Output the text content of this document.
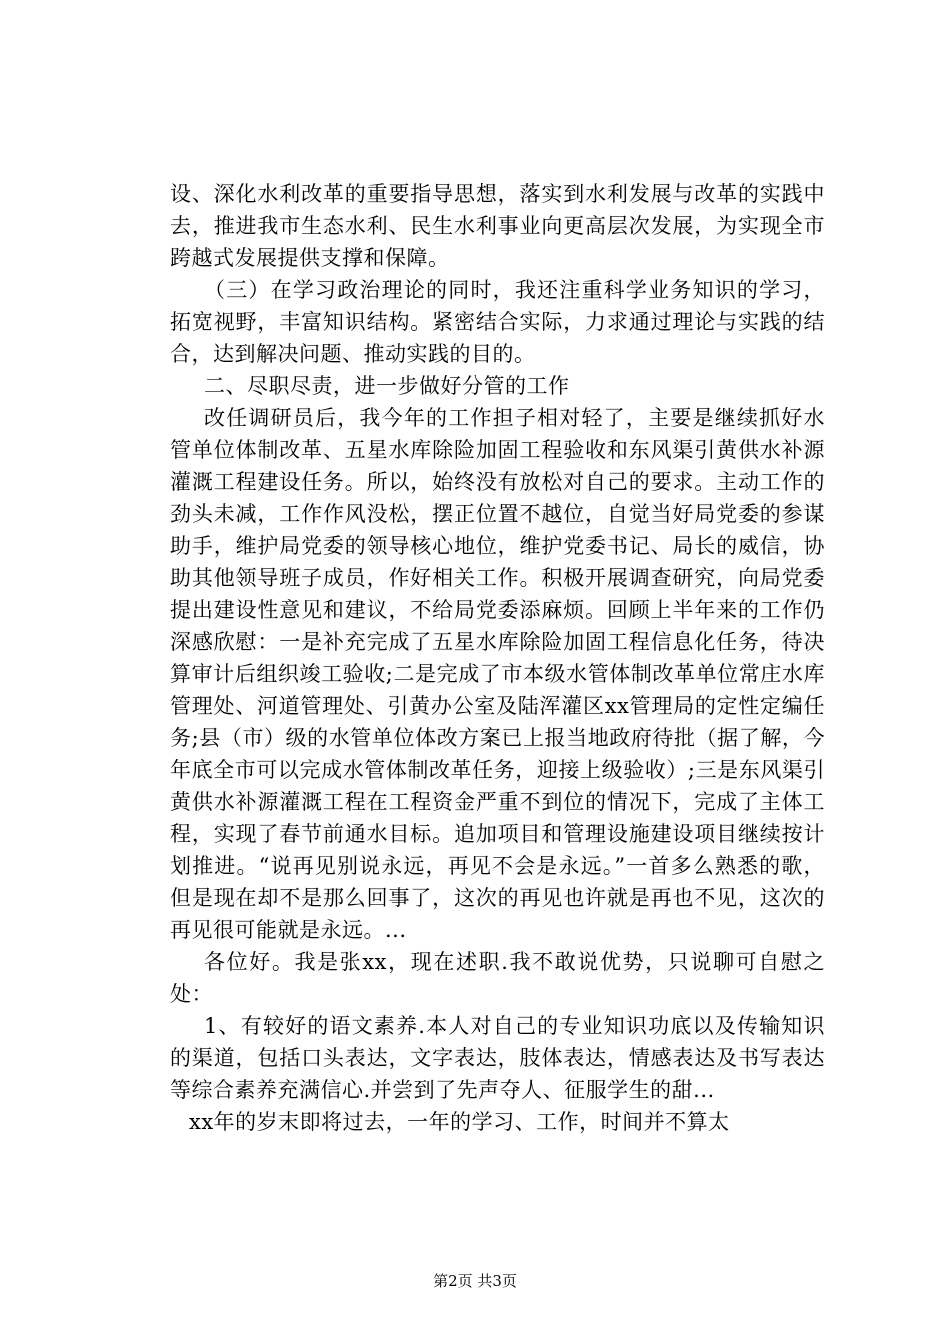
设、深化水利改革的重要指导思想，落实到水利发展与改革的实践中去，推进我市生态水利、民生水利事业向更高层次发展，为实现全市跨越式发展提供支撑和保障。

（三）在学习政治理论的同时，我还注重科学业务知识的学习，拓宽视野，丰富知识结构。紧密结合实际，力求通过理论与实践的结合，达到解决问题、推动实践的目的。

二、尽职尽责，进一步做好分管的工作

改任调研员后，我今年的工作担子相对轻了，主要是继续抓好水管单位体制改革、五星水库除险加固工程验收和东风渠引黄供水补源灌溉工程建设任务。所以，始终没有放松对自己的要求。主动工作的劲头未减，工作作风没松，摆正位置不越位，自觉当好局党委的参谋助手，维护局党委的领导核心地位，维护党委书记、局长的威信，协助其他领导班子成员，作好相关工作。积极开展调查研究，向局党委提出建设性意见和建议，不给局党委添麻烦。回顾上半年来的工作仍深感欣慰：一是补充完成了五星水库除险加固工程信息化任务，待决算审计后组织竣工验收;二是完成了市本级水管体制改革单位常庄水库管理处、河道管理处、引黄办公室及陆浑灌区xx管理局的定性定编任务;县（市）级的水管单位体改方案已上报当地政府待批（据了解，今年底全市可以完成水管体制改革任务，迎接上级验收）;三是东风渠引黄供水补源灌溉工程在工程资金严重不到位的情况下，完成了主体工程，实现了春节前通水目标。追加项目和管理设施建设项目继续按计划推进。“说再见别说永远，再见不会是永远。”一首多么熟悉的歌，但是现在却不是那么回事了，这次的再见也许就是再也不见，这次的再见很可能就是永远。...

各位好。我是张xx，现在述职.我不敢说优势，只说聊可自慰之处：

1、有较好的语文素养.本人对自己的专业知识功底以及传输知识的渠道，包括口头表达，文字表达，肢体表达，情感表达及书写表达等综合素养充满信心.并尝到了先声夺人、征服学生的甜...

xx年的岁末即将过去，一年的学习、工作，时间并不算太

第2页 共3页
